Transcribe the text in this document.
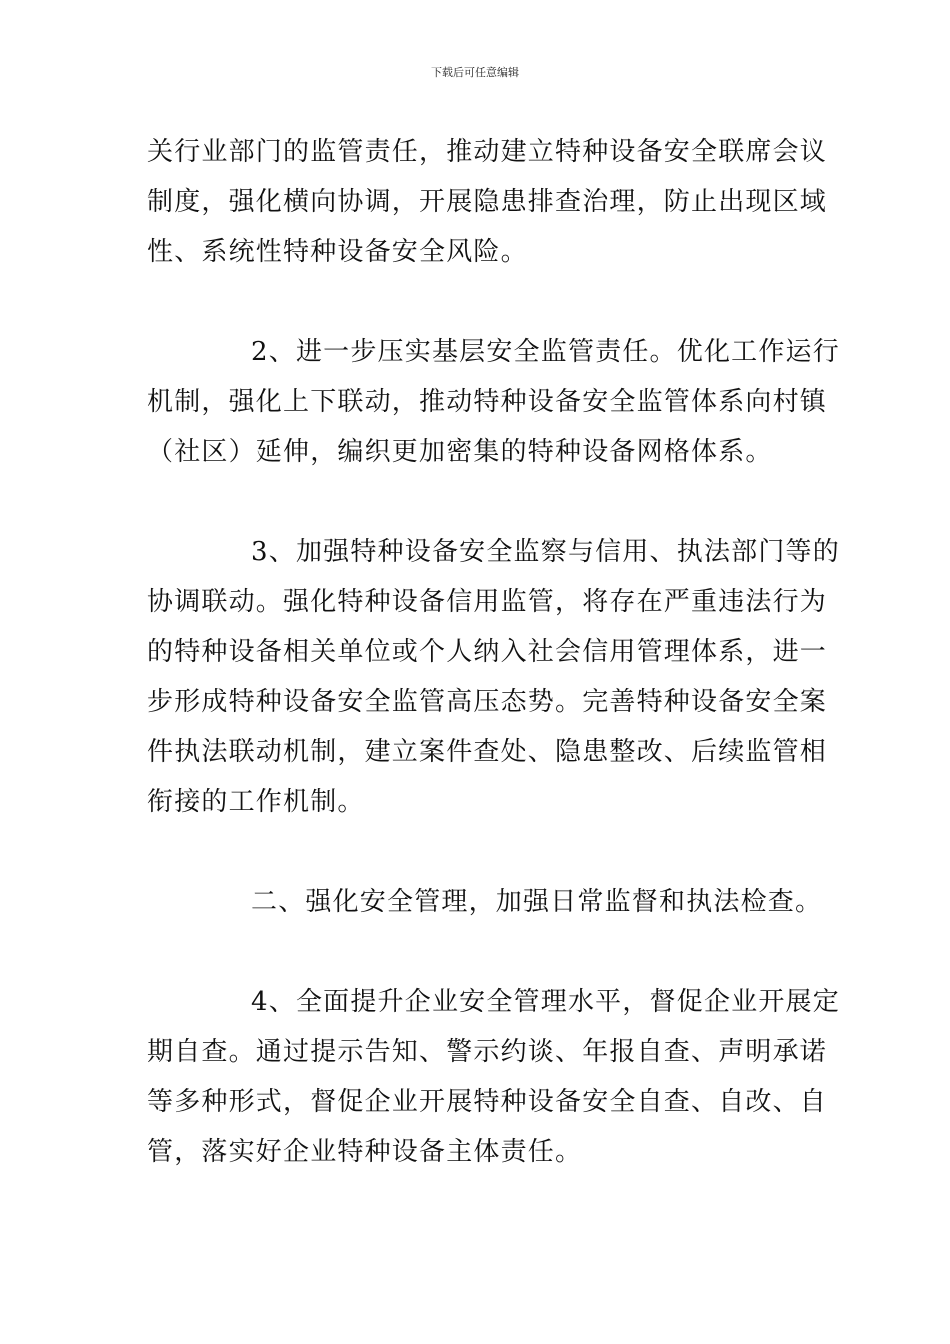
下载后可任意编辑

关行业部门的监管责任，推动建立特种设备安全联席会议
制度，强化横向协调，开展隐患排查治理，防止出现区域
性、系统性特种设备安全风险。

2、进一步压实基层安全监管责任。优化工作运行
机制，强化上下联动，推动特种设备安全监管体系向村镇
（社区）延伸，编织更加密集的特种设备网格体系。

3、加强特种设备安全监察与信用、执法部门等的
协调联动。强化特种设备信用监管，将存在严重违法行为
的特种设备相关单位或个人纳入社会信用管理体系，进一
步形成特种设备安全监管高压态势。完善特种设备安全案
件执法联动机制，建立案件查处、隐患整改、后续监管相
衔接的工作机制。

二、强化安全管理，加强日常监督和执法检查。

4、全面提升企业安全管理水平，督促企业开展定
期自查。通过提示告知、警示约谈、年报自查、声明承诺
等多种形式，督促企业开展特种设备安全自查、自改、自
管，落实好企业特种设备主体责任。
